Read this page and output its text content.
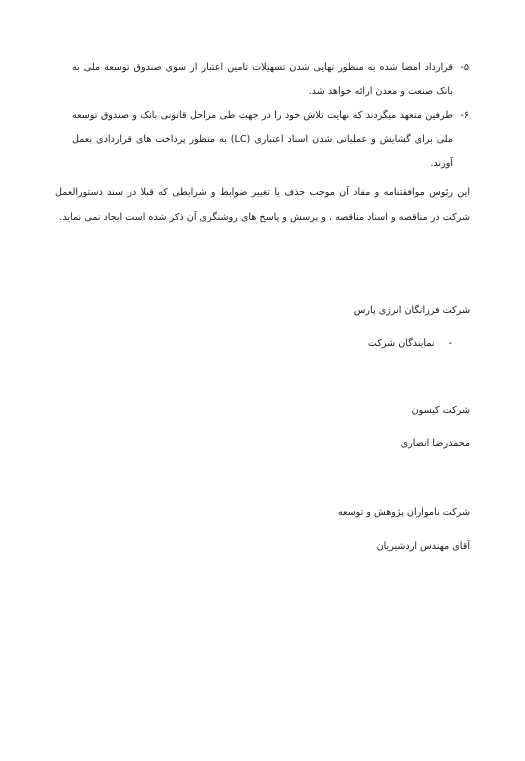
۵-
قرارداد امضا شده به منظور نهایی شدن تسهیلات تامین اعتبار از سوی صندوق توسعه ملی به بانک صنعت و معدن ارائه خواهد شد.
۶-
طرفین متعهد میگردند که نهایت تلاش خود را در جهت طی مراحل قانونی بانک و صندوق توسعه ملی برای گشایش و عملیاتی شدن اسناد اعتباری (LC) به منظور پرداخت های قراردادی بعمل آورند.
این رئوس موافقتنامه و مفاد آن موجب حذف یا تغییر ضوابط و شرایطی که قبلا در سند دستورالعمل شرکت در مناقصه و اسناد مناقصه ، و پرسش و پاسخ های روشنگری آن ذکر شده است ایجاد نمی نماید.
شرکت فرزانگان انرژی پارس
-نمایندگان شرکت
شرکت کیسون
محمدرضا انصاری
شرکت نامواران پژوهش و توسعه
آقای مهندس اردشیریان
